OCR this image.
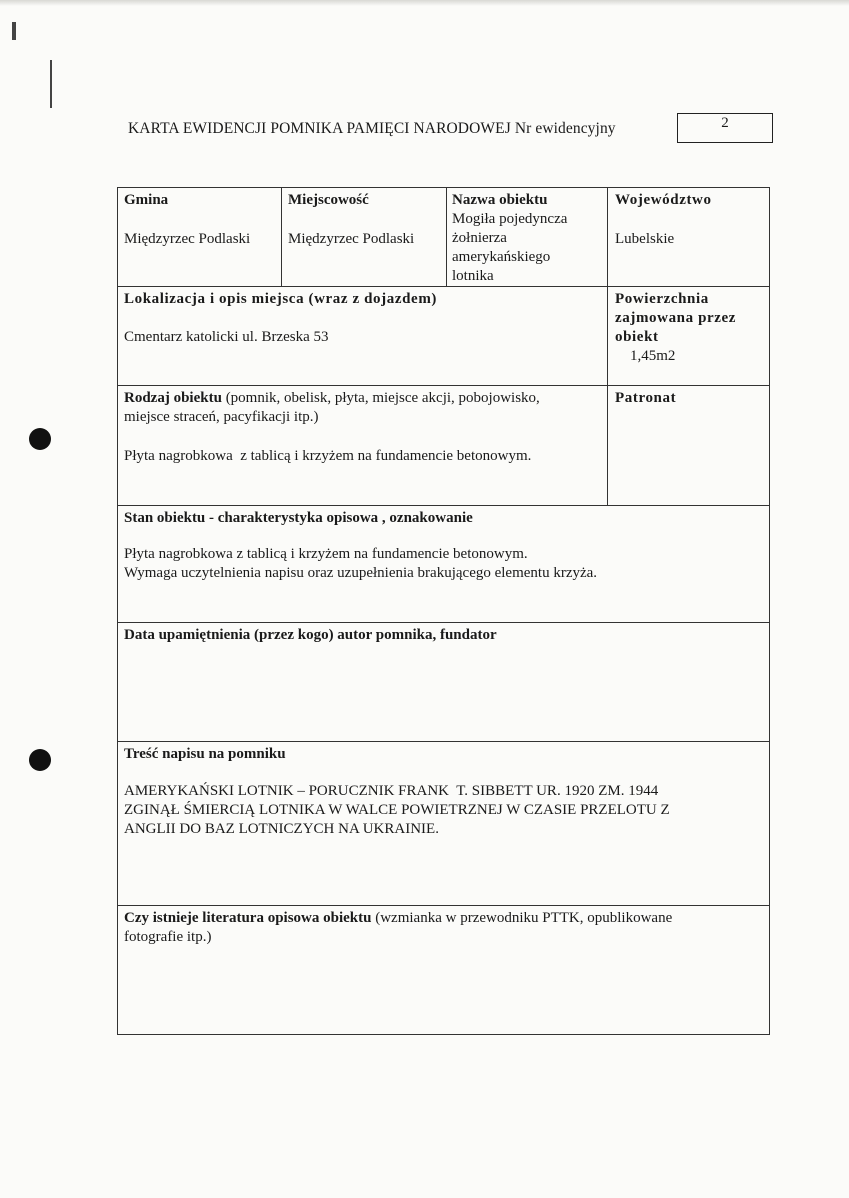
KARTA EWIDENCJI POMNIKA PAMIĘCI NARODOWEJ Nr ewidencyjny	2
Gmina
Międzyrzec Podlaski
Miejscowość
Międzyrzec Podlaski
Nazwa obiektu
Mogiła pojedyncza
żołnierza
amerykańskiego
lotnika
Województwo
Lubelskie
Lokalizacja i opis miejsca (wraz z dojazdem)
Cmentarz katolicki ul. Brzeska 53
Powierzchnia
zajmowana przez
obiekt
1,45m2
Rodzaj obiektu (pomnik, obelisk, płyta, miejsce akcji, pobojowisko,
miejsce straceń, pacyfikacji itp.)
Płyta nagrobkowa  z tablicą i krzyżem na fundamencie betonowym.
Patronat
Stan obiektu - charakterystyka opisowa , oznakowanie
Płyta nagrobkowa z tablicą i krzyżem na fundamencie betonowym.
Wymaga uczytelnienia napisu oraz uzupełnienia brakującego elementu krzyża.
Data upamiętnienia (przez kogo) autor pomnika, fundator
Treść napisu na pomniku
AMERYKAŃSKI LOTNIK – PORUCZNIK FRANK  T. SIBBETT UR. 1920 ZM. 1944
ZGINĄŁ ŚMIERCIĄ LOTNIKA W WALCE POWIETRZNEJ W CZASIE PRZELOTU Z
ANGLII DO BAZ LOTNICZYCH NA UKRAINIE.
Czy istnieje literatura opisowa obiektu (wzmianka w przewodniku PTTK, opublikowane
fotografie itp.)
